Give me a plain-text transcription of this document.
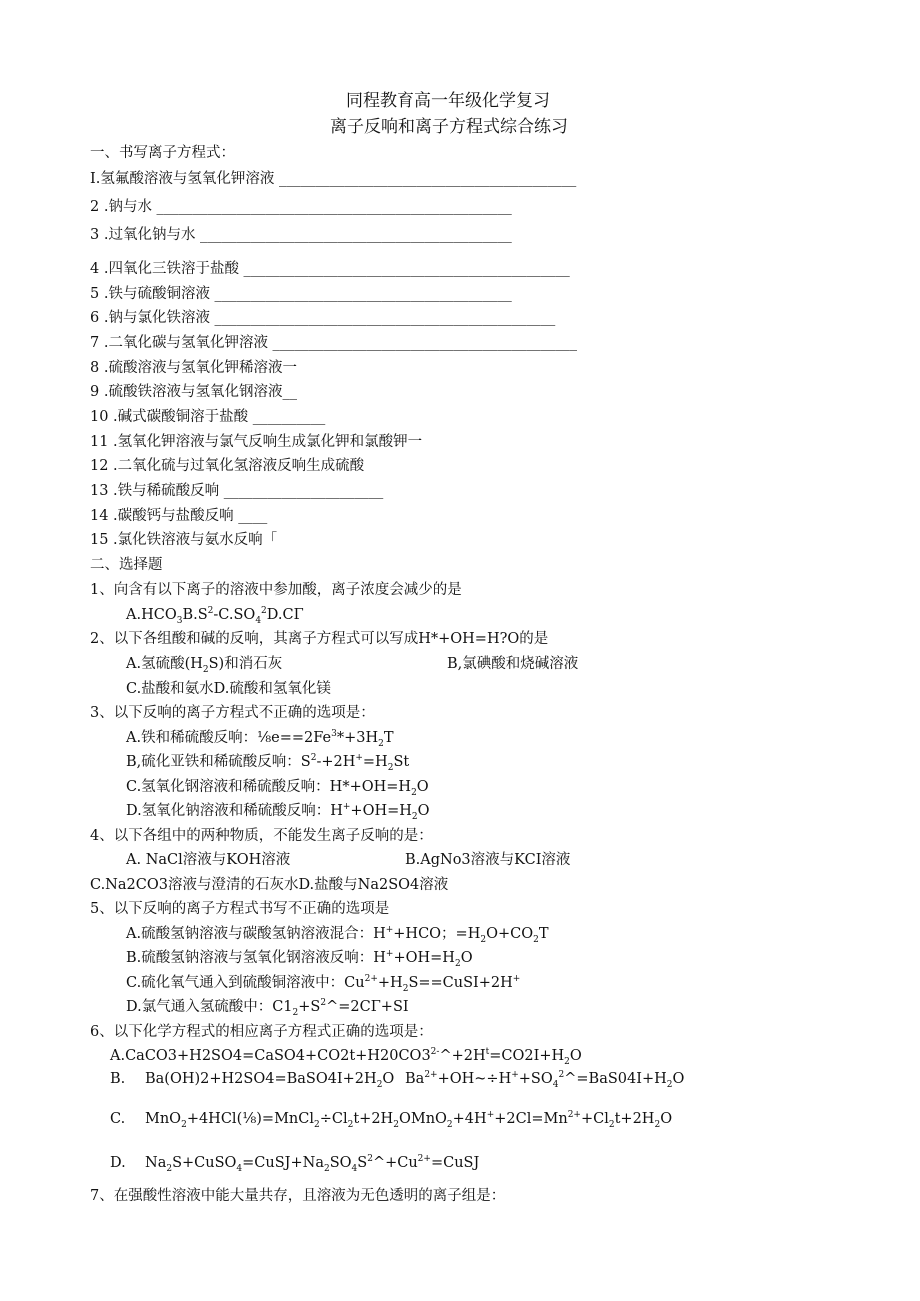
同程教育高一年级化学复习
离子反响和离子方程式综合练习
一、书写离子方程式：
I.氢氟酸溶液与氢氧化钾溶液 _________________________________________
2 .钠与水 _________________________________________________
3 .过氧化钠与水 ___________________________________________
4 .四氧化三铁溶于盐酸 _____________________________________________
5 .铁与硫酸铜溶液 _________________________________________
6 .钠与氯化铁溶液 _______________________________________________
7 .二氧化碳与氢氧化钾溶液 __________________________________________
8 .硫酸溶液与氢氧化钾稀溶液一
9 .硫酸铁溶液与氢氧化钢溶液__
10 .碱式碳酸铜溶于盐酸 __________
11 .氢氧化钾溶液与氯气反响生成氯化钾和氯酸钾一
12 .二氧化硫与过氧化氢溶液反响生成硫酸
13 .铁与稀硫酸反响 ______________________
14 .碳酸钙与盐酸反响 ____
15 .氯化铁溶液与氨水反响「
二、选择题
1、向含有以下离子的溶液中参加酸，离子浓度会减少的是
$A.HCO_3B.S^2-C.SO_4^2D.C\Gamma$
2、以下各组酸和碱的反响，其离子方程式可以写成H*+OH=H?O的是
A.氢硫酸$(H_2S)$和消石灰	B,氯碘酸和烧碱溶液
C.盐酸和氨水D.硫酸和氢氧化镁
3、以下反响的离子方程式不正确的选项是：
A.铁和稀硫酸反响：$\frac{1}{8}e==2Fe^3*+3H_2T$
B,硫化亚铁和稀硫酸反响：$S^2-+2H^+=H_2St$
C.氢氧化钢溶液和稀硫酸反响：$H*+OH=H_2O$
D.氢氧化钠溶液和稀硫酸反响：$H^++OH=H_2O$
4、以下各组中的两种物质，不能发生离子反响的是：
A. NaCl溶液与KOH溶液	B.AgNo3溶液与KCI溶液
C.Na2CO3溶液与澄清的石灰水D.盐酸与Na2SO4溶液
5、以下反响的离子方程式书写不正确的选项是
A.硫酸氢钠溶液与碳酸氢钠溶液混合：H++HCO；$=H_2O+CO_2T$
B.硫酸氢钠溶液与氢氧化钢溶液反响：$H^++OH=H_2O$
C.硫化氧气通入到硫酸铜溶液中：$Cu^{2+}+H_2S==CuSI+2H^+$
D.氯气通入氢硫酸中：$C1_2+S^2\^{}=2C\Gamma+SI$
6、以下化学方程式的相应离子方程式正确的选项是：
$A.CaCO3+H2SO4=CaSO4+CO2t+H20CO3^{2-}\^{}+2H^t=CO2I+H_2O$
B. $Ba(OH)2+H2SO4=BaSO4I+2H_2O$ $Ba^{2+}+OH\sim\div H^++SO_4^2\^{}=BaS04I+H_2O$
C. $MnO_2+4HCl(\frac{1}{8})=MnCl_2\div Cl_2t+2H_2OMnO_2+4H^++2Cl=Mn^{2+}+Cl_2t+2H_2O$
D. $Na_2S+CuSO_4=CuSJ+Na_2SO_4S^2\^{}+Cu^{2+}=CuSJ$
7、在强酸性溶液中能大量共存，且溶液为无色透明的离子组是：
